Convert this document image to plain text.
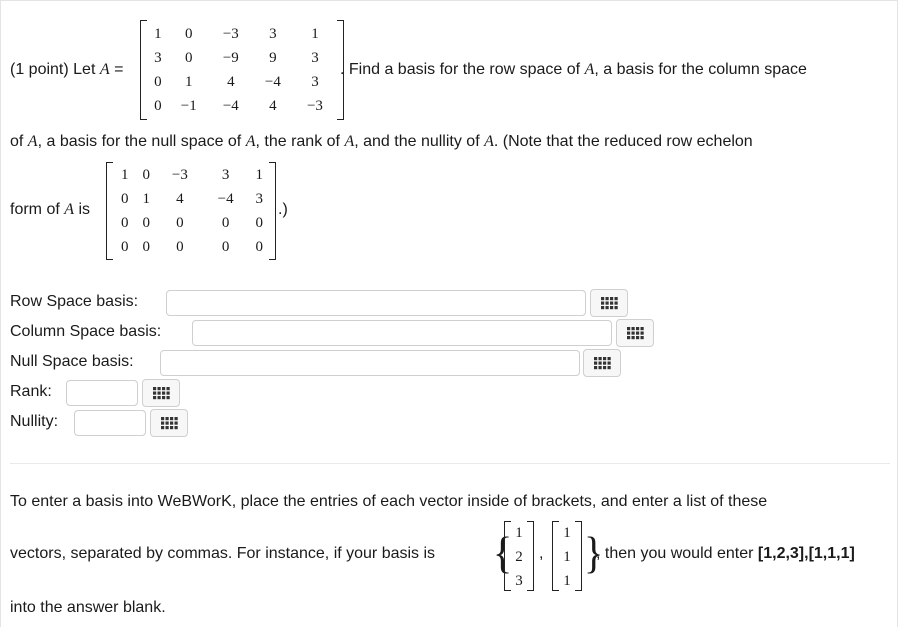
(1 point) Let A =
1	0	−3	3	1
3	0	−9	9	3
0	1	4	−4	3
0	−1	−4	4	−3
. Find a basis for the row space of A, a basis for the column space
of A, a basis for the null space of A, the rank of A, and the nullity of A. (Note that the reduced row echelon
form of A is
1	0	−3	3	1
0	1	4	−4	3
0	0	0	0	0
0	0	0	0	0
.)
Row Space basis:
Column Space basis:
Null Space basis:
Rank:
Nullity:
To enter a basis into WeBWorK, place the entries of each vector inside of brackets, and enter a list of these
vectors, separated by commas. For instance, if your basis is { 1
2
3
,
1
1
1
}
, then you would enter [1,2,3],[1,1,1]
into the answer blank.
